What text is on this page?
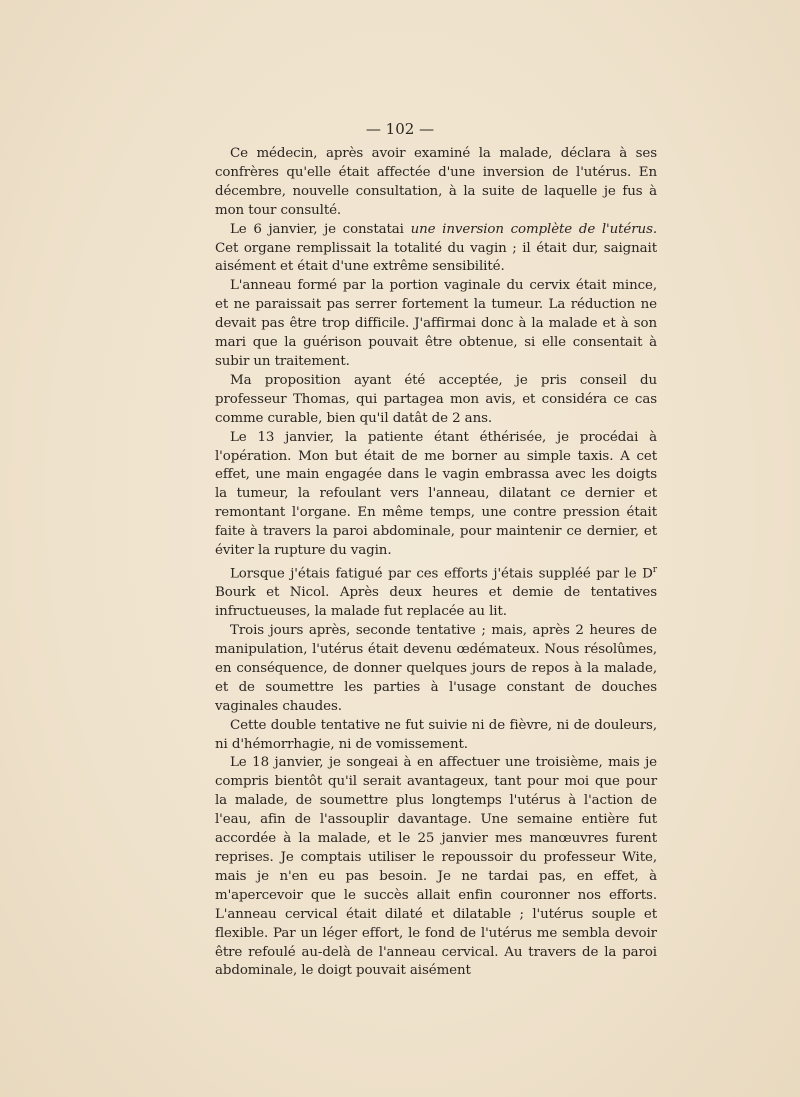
— 102 —

Ce médecin, après avoir examiné la malade, déclara à ses confrères qu'elle était affectée d'une inversion de l'utérus. En décembre, nouvelle consultation, à la suite de laquelle je fus à mon tour consulté.

Le 6 janvier, je constatai une inversion complète de l'utérus. Cet organe remplissait la totalité du vagin ; il était dur, saignait aisément et était d'une extrême sensibilité.

L'anneau formé par la portion vaginale du cervix était mince, et ne paraissait pas serrer fortement la tumeur. La réduction ne devait pas être trop difficile. J'affirmai donc à la malade et à son mari que la guérison pouvait être obtenue, si elle consentait à subir un traitement.

Ma proposition ayant été acceptée, je pris conseil du professeur Thomas, qui partagea mon avis, et considéra ce cas comme curable, bien qu'il datât de 2 ans.

Le 13 janvier, la patiente étant éthérisée, je procédai à l'opération. Mon but était de me borner au simple taxis. A cet effet, une main engagée dans le vagin embrassa avec les doigts la tumeur, la refoulant vers l'anneau, dilatant ce dernier et remontant l'organe. En même temps, une contre pression était faite à travers la paroi abdominale, pour maintenir ce dernier, et éviter la rupture du vagin.

Lorsque j'étais fatigué par ces efforts j'étais suppléé par le $D^r$ Bourk et Nicol. Après deux heures et demie de tentatives infructueuses, la malade fut replacée au lit.

Trois jours après, seconde tentative ; mais, après 2 heures de manipulation, l'utérus était devenu œdémateux. Nous résolûmes, en conséquence, de donner quelques jours de repos à la malade, et de soumettre les parties à l'usage constant de douches vaginales chaudes.

Cette double tentative ne fut suivie ni de fièvre, ni de douleurs, ni d'hémorrhagie, ni de vomissement.

Le 18 janvier, je songeai à en affectuer une troisième, mais je compris bientôt qu'il serait avantageux, tant pour moi que pour la malade, de soumettre plus longtemps l'utérus à l'action de l'eau, afin de l'assouplir davantage. Une semaine entière fut accordée à la malade, et le 25 janvier mes manœuvres furent reprises. Je comptais utiliser le repoussoir du professeur Wite, mais je n'en eu pas besoin. Je ne tardai pas, en effet, à m'apercevoir que le succès allait enfin couronner nos efforts. L'anneau cervical était dilaté et dilatable ; l'utérus souple et flexible. Par un léger effort, le fond de l'utérus me sembla devoir être refoulé au-delà de l'anneau cervical. Au travers de la paroi abdominale, le doigt pouvait aisément
